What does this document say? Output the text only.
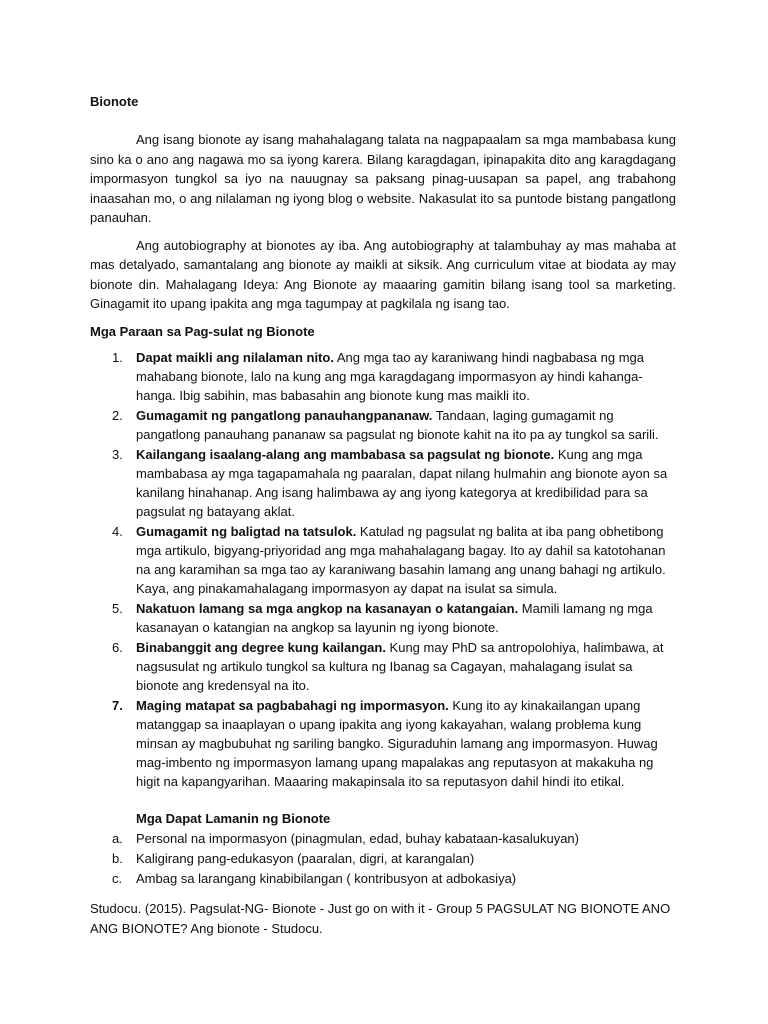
Bionote

Ang isang bionote ay isang mahahalagang talata na nagpapaalam sa mga mambabasa kung sino ka o ano ang nagawa mo sa iyong karera. Bilang karagdagan, ipinapakita dito ang karagdagang impormasyon tungkol sa iyo na nauugnay sa paksang pinag-uusapan sa papel, ang trabahong inaasahan mo, o ang nilalaman ng iyong blog o website. Nakasulat ito sa puntode bistang pangatlong panauhan.

Ang autobiography at bionotes ay iba. Ang autobiography at talambuhay ay mas mahaba at mas detalyado, samantalang ang bionote ay maikli at siksik. Ang curriculum vitae at biodata ay may bionote din. Mahalagang Ideya: Ang Bionote ay maaaring gamitin bilang isang tool sa marketing. Ginagamit ito upang ipakita ang mga tagumpay at pagkilala ng isang tao.

Mga Paraan sa Pag-sulat ng Bionote
1. Dapat maikli ang nilalaman nito. Ang mga tao ay karaniwang hindi nagbabasa ng mga mahabang bionote, lalo na kung ang mga karagdagang impormasyon ay hindi kahanga-hanga. Ibig sabihin, mas babasahin ang bionote kung mas maikli ito.
2. Gumagamit ng pangatlong panauhangpananaw. Tandaan, laging gumagamit ng pangatlong panauhang pananaw sa pagsulat ng bionote kahit na ito pa ay tungkol sa sarili.
3. Kailangang isaalang-alang ang mambabasa sa pagsulat ng bionote. Kung ang mga mambabasa ay mga tagapamahala ng paaralan, dapat nilang hulmahin ang bionote ayon sa kanilang hinahanap. Ang isang halimbawa ay ang iyong kategorya at kredibilidad para sa pagsulat ng batayang aklat.
4. Gumagamit ng baligtad na tatsulok. Katulad ng pagsulat ng balita at iba pang obhetibong mga artikulo, bigyang-priyoridad ang mga mahahalagang bagay. Ito ay dahil sa katotohanan na ang karamihan sa mga tao ay karaniwang basahin lamang ang unang bahagi ng artikulo. Kaya, ang pinakamahalagang impormasyon ay dapat na isulat sa simula.
5. Nakatuon lamang sa mga angkop na kasanayan o katangaian. Mamili lamang ng mga kasanayan o katangian na angkop sa layunin ng iyong bionote.
6. Binabanggit ang degree kung kailangan. Kung may PhD sa antropolohiya, halimbawa, at nagsusulat ng artikulo tungkol sa kultura ng Ibanag sa Cagayan, mahalagang isulat sa bionote ang kredensyal na ito.
7. Maging matapat sa pagbabahagi ng impormasyon. Kung ito ay kinakailangan upang matanggap sa inaaplayan o upang ipakita ang iyong kakayahan, walang problema kung minsan ay magbubuhat ng sariling bangko. Siguraduhin lamang ang impormasyon. Huwag mag-imbento ng impormasyon lamang upang mapalakas ang reputasyon at makakuha ng higit na kapangyarihan. Maaaring makapinsala ito sa reputasyon dahil hindi ito etikal.
Mga Dapat Lamanin ng Bionote
a. Personal na impormasyon (pinagmulan, edad, buhay kabataan-kasalukuyan)
b. Kaligirang pang-edukasyon (paaralan, digri, at karangalan)
c. Ambag sa larangang kinabibilangan ( kontribusyon at adbokasiya)
Studocu. (2015). Pagsulat-NG- Bionote - Just go on with it - Group 5 PAGSULAT NG BIONOTE ANO ANG BIONOTE? Ang bionote - Studocu.
